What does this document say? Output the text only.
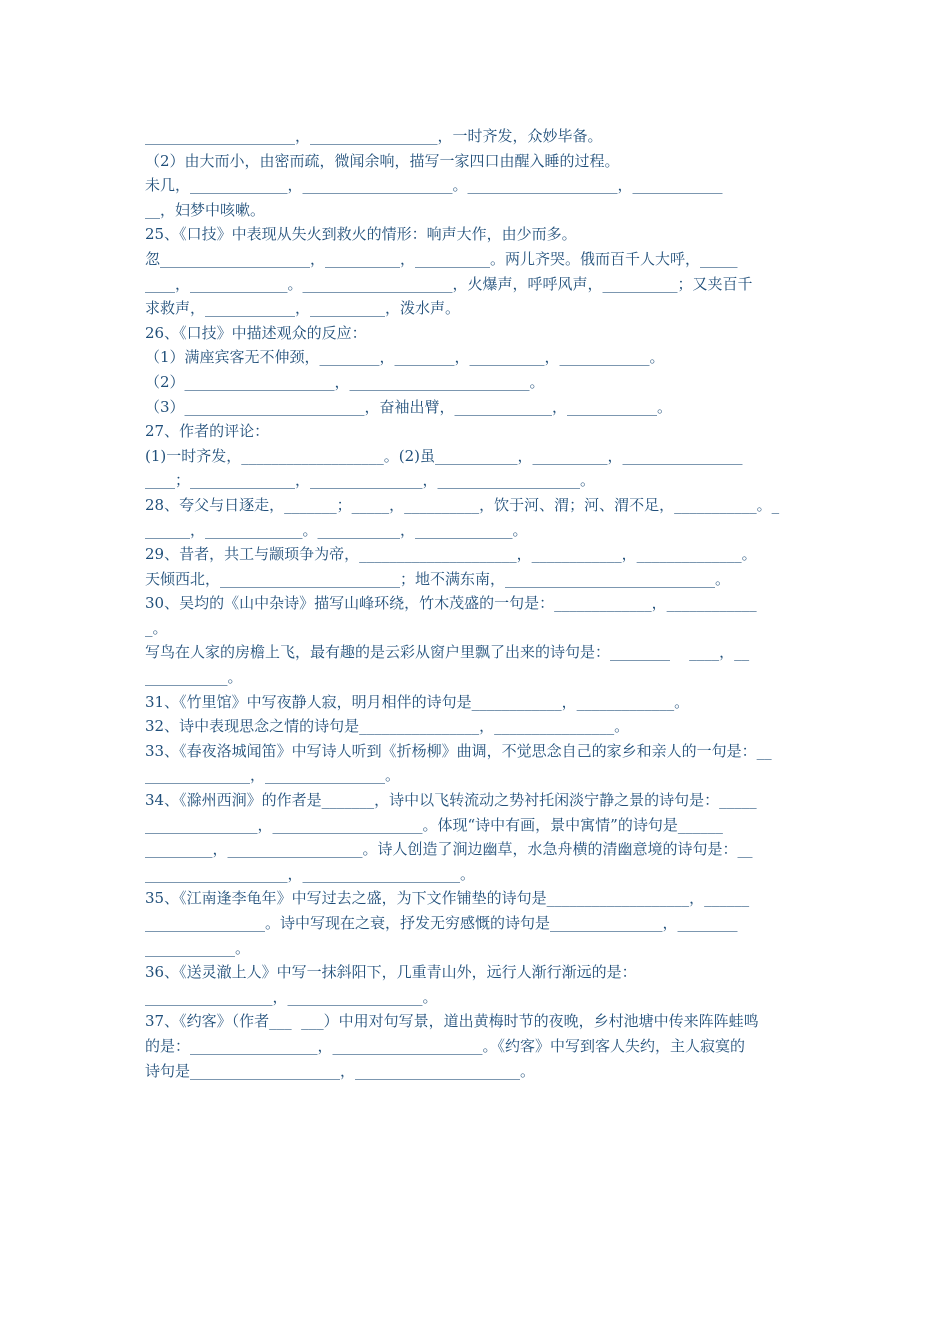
____________________，_________________，一时齐发，众妙毕备。
（2）由大而小，由密而疏，微闻余响，描写一家四口由醒入睡的过程。
未几，_____________，____________________。____________________，____________
__，妇梦中咳嗽。
25、《口技》中表现从失火到救火的情形：响声大作，由少而多。
忽____________________，__________，__________。两儿齐哭。俄而百千人大呼，_____
____，_____________。____________________，火爆声，呼呼风声，__________；又夹百千
求救声，____________，__________，泼水声。
26、《口技》中描述观众的反应：
（1）满座宾客无不伸颈，________，________，__________，____________。
（2）____________________，________________________。
（3）________________________，奋袖出臂，_____________，____________。
27、作者的评论：
(1)一时齐发，___________________。(2)虽___________，__________，________________
____；______________，_______________，___________________。
28、夸父与日逐走，_______；_____，__________，饮于河、渭；河、渭不足，___________。_
______，_____________。___________，_____________。
29、昔者，共工与颛顼争为帝，_____________________，____________，______________。
天倾西北，________________________；地不满东南，____________________________。
30、吴均的《山中杂诗》描写山峰环绕，竹木茂盛的一句是：_____________，____________
_。
写鸟在人家的房檐上飞，最有趣的是云彩从窗户里飘了出来的诗句是：________    ____，__
___________。
31、《竹里馆》中写夜静人寂，明月相伴的诗句是____________，_____________。
32、诗中表现思念之情的诗句是________________，________________。
33、《春夜洛城闻笛》中写诗人听到《折杨柳》曲调，不觉思念自己的家乡和亲人的一句是：__
______________，________________。
34、《滁州西涧》的作者是_______，诗中以飞转流动之势衬托闲淡宁静之景的诗句是：_____
_______________，____________________。体现“诗中有画，景中寓情”的诗句是______
_________，__________________。诗人创造了涧边幽草，水急舟横的清幽意境的诗句是：__
___________________，_____________________。
35、《江南逢李龟年》中写过去之盛，为下文作铺垫的诗句是___________________，______
________________。诗中写现在之衰，抒发无穷感慨的诗句是_______________，________
____________。
36、《送灵澈上人》中写一抹斜阳下，几重青山外，远行人渐行渐远的是：
_________________，__________________。
37、《约客》（作者___  ___）中用对句写景，道出黄梅时节的夜晚，乡村池塘中传来阵阵蛙鸣
的是：_________________，____________________。《约客》中写到客人失约，主人寂寞的
诗句是____________________，______________________。
